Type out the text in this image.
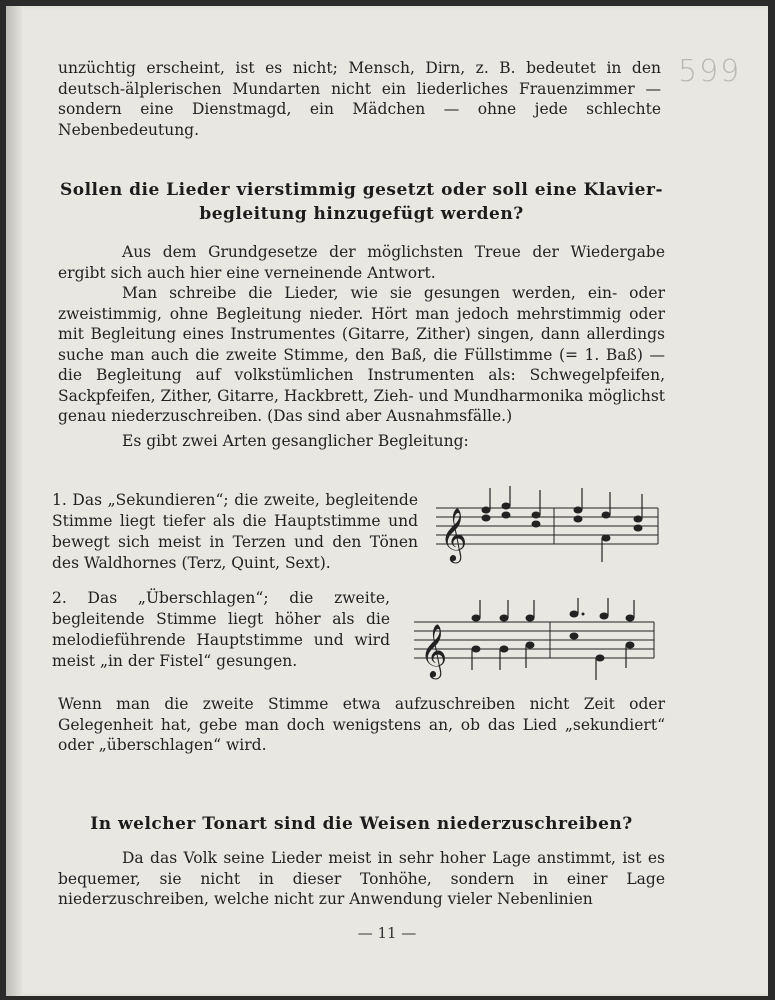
599

unzüchtig erscheint, ist es nicht; Mensch, Dirn, z. B. bedeutet in den deutsch-älplerischen Mundarten nicht ein liederliches Frauenzimmer — sondern eine Dienstmagd, ein Mädchen — ohne jede schlechte Nebenbedeutung.

Sollen die Lieder vierstimmig gesetzt oder soll eine Klavier-
begleitung hinzugefügt werden?

Aus dem Grundgesetze der möglichsten Treue der Wiedergabe ergibt sich auch hier eine verneinende Antwort.

Man schreibe die Lieder, wie sie gesungen werden, ein- oder zweistimmig, ohne Begleitung nieder. Hört man jedoch mehrstimmig oder mit Begleitung eines Instrumentes (Gitarre, Zither) singen, dann allerdings suche man auch die zweite Stimme, den Baß, die Füllstimme (= 1. Baß) — die Begleitung auf volkstümlichen Instrumenten als: Schwegelpfeifen, Sackpfeifen, Zither, Gitarre, Hackbrett, Zieh- und Mundharmonika möglichst genau niederzuschreiben. (Das sind aber Ausnahmsfälle.)

Es gibt zwei Arten gesanglicher Begleitung:

1. Das „Sekundieren“; die zweite, begleitende Stimme liegt tiefer als die Hauptstimme und bewegt sich meist in Terzen und den Tönen des Waldhornes (Terz, Quint, Sext).
𝄞
2. Das „Überschlagen“; die zweite, begleitende Stimme liegt höher als die melodieführende Hauptstimme und wird meist „in der Fistel“ gesungen.	𝄞

Wenn man die zweite Stimme etwa aufzuschreiben nicht Zeit oder Gelegenheit hat, gebe man doch wenigstens an, ob das Lied „sekundiert“ oder „überschlagen“ wird.

In welcher Tonart sind die Weisen niederzuschreiben?

Da das Volk seine Lieder meist in sehr hoher Lage anstimmt, ist es bequemer, sie nicht in dieser Tonhöhe, sondern in einer Lage niederzuschreiben, welche nicht zur Anwendung vieler Nebenlinien

— 11 —
